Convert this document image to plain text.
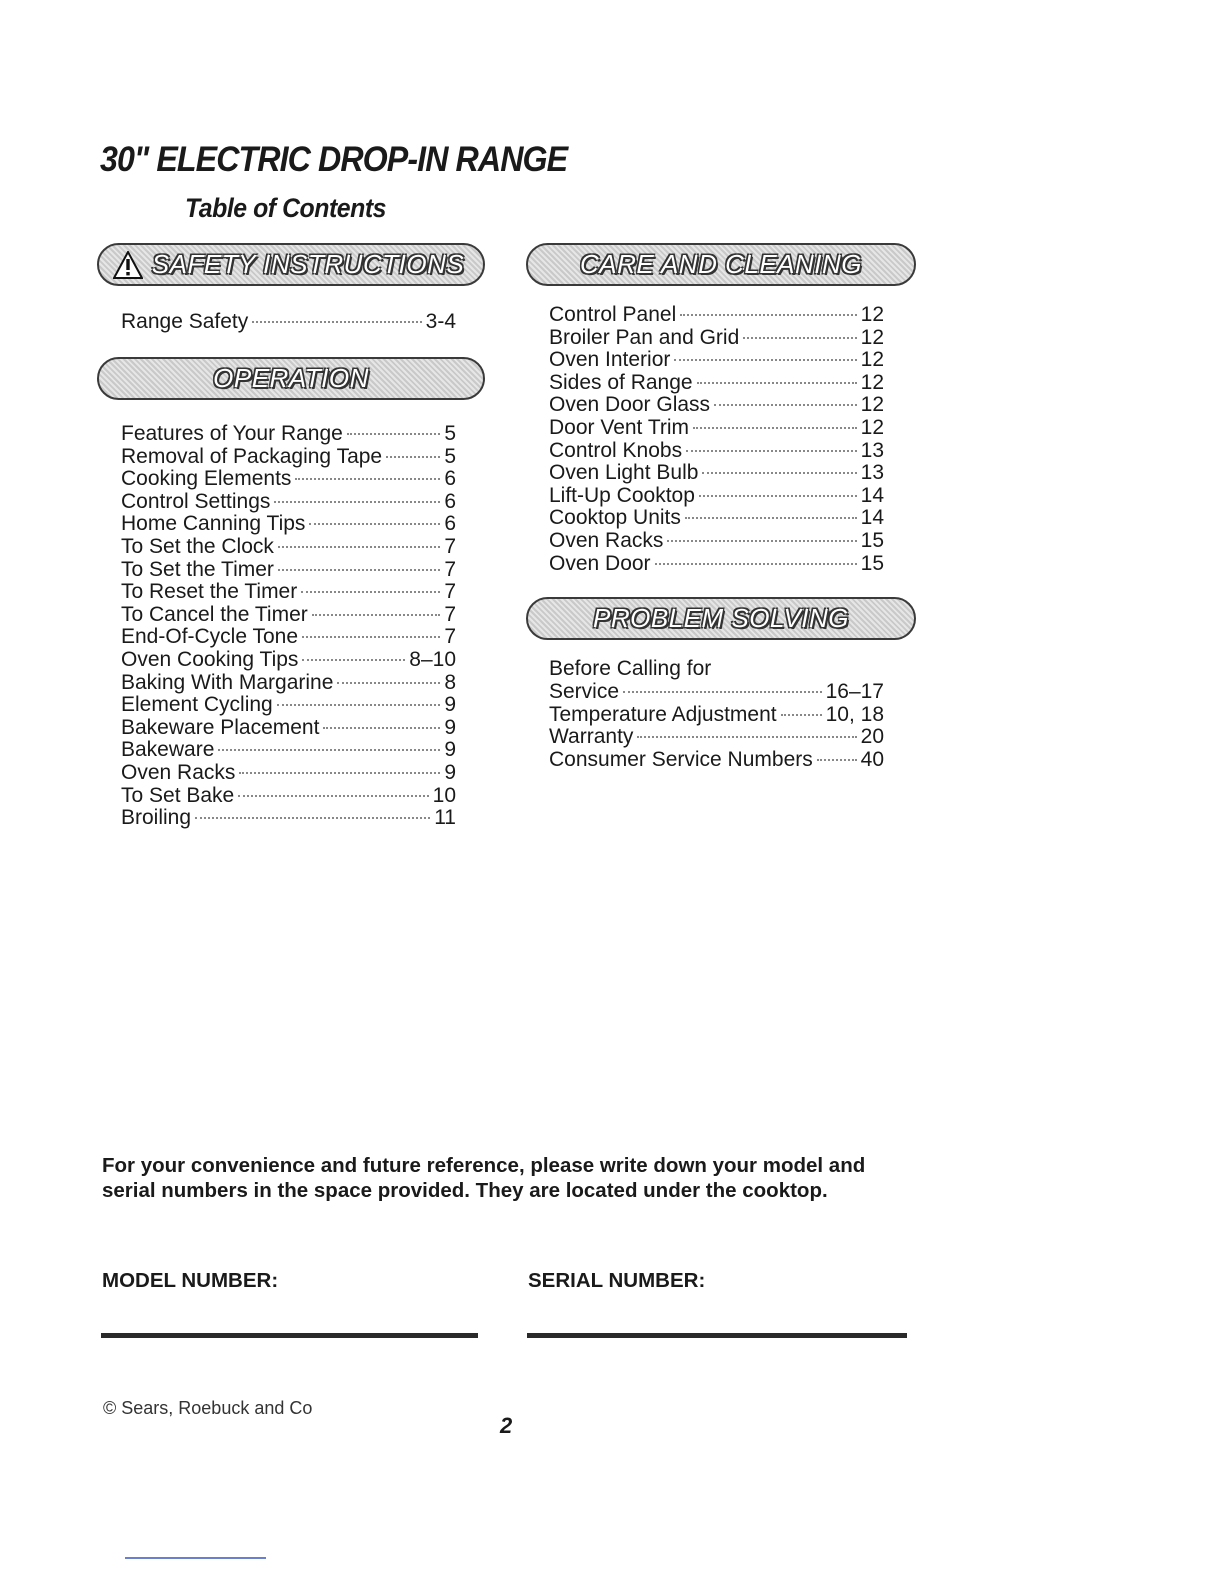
30" ELECTRIC DROP-IN RANGE
Table of Contents
SAFETY INSTRUCTIONS
Range Safety	3-4
OPERATION
Features of Your Range	5
Removal of Packaging Tape	5
Cooking Elements	6
Control Settings	6
Home Canning Tips	6
To Set the Clock	7
To Set the Timer	7
To Reset the Timer	7
To Cancel the Timer	7
End-Of-Cycle Tone	7
Oven Cooking Tips	8–10
Baking With Margarine	8
Element Cycling	9
Bakeware Placement	9
Bakeware	9
Oven Racks	9
To Set Bake	10
Broiling	11
CARE AND CLEANING
Control Panel	12
Broiler Pan and Grid	12
Oven Interior	12
Sides of Range	12
Oven Door Glass	12
Door Vent Trim	12
Control Knobs	13
Oven Light Bulb	13
Lift-Up Cooktop	14
Cooktop Units	14
Oven Racks	15
Oven Door	15
PROBLEM SOLVING
Before Calling for
Service	16–17
Temperature Adjustment 10, 18
Warranty	20
Consumer Service Numbers 40

For your convenience and future reference, please write down your model and serial numbers in the space provided. They are located under the cooktop.

MODEL NUMBER:	SERIAL NUMBER:
© Sears, Roebuck and Co
2
